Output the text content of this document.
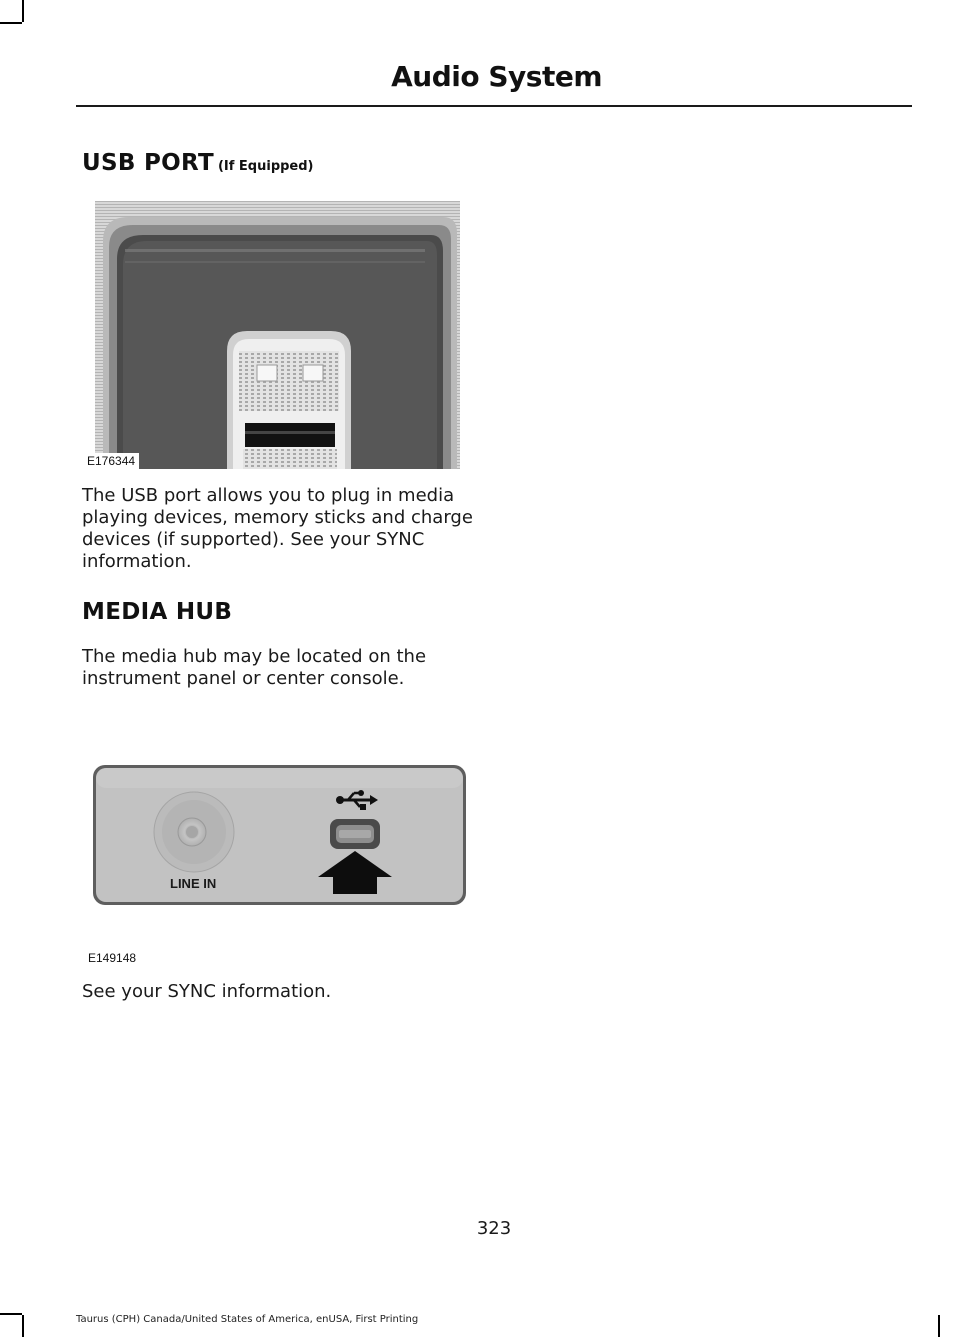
Audio System
USB PORT (If Equipped)
E176344

The USB port allows you to plug in media

playing devices, memory sticks and charge

devices (if supported). See your SYNC

information.

MEDIA HUB

The media hub may be located on the

instrument panel or center console.

LINE IN
E149148
See your SYNC information.
323
Taurus (CPH) Canada/United States of America, enUSA, First Printing
